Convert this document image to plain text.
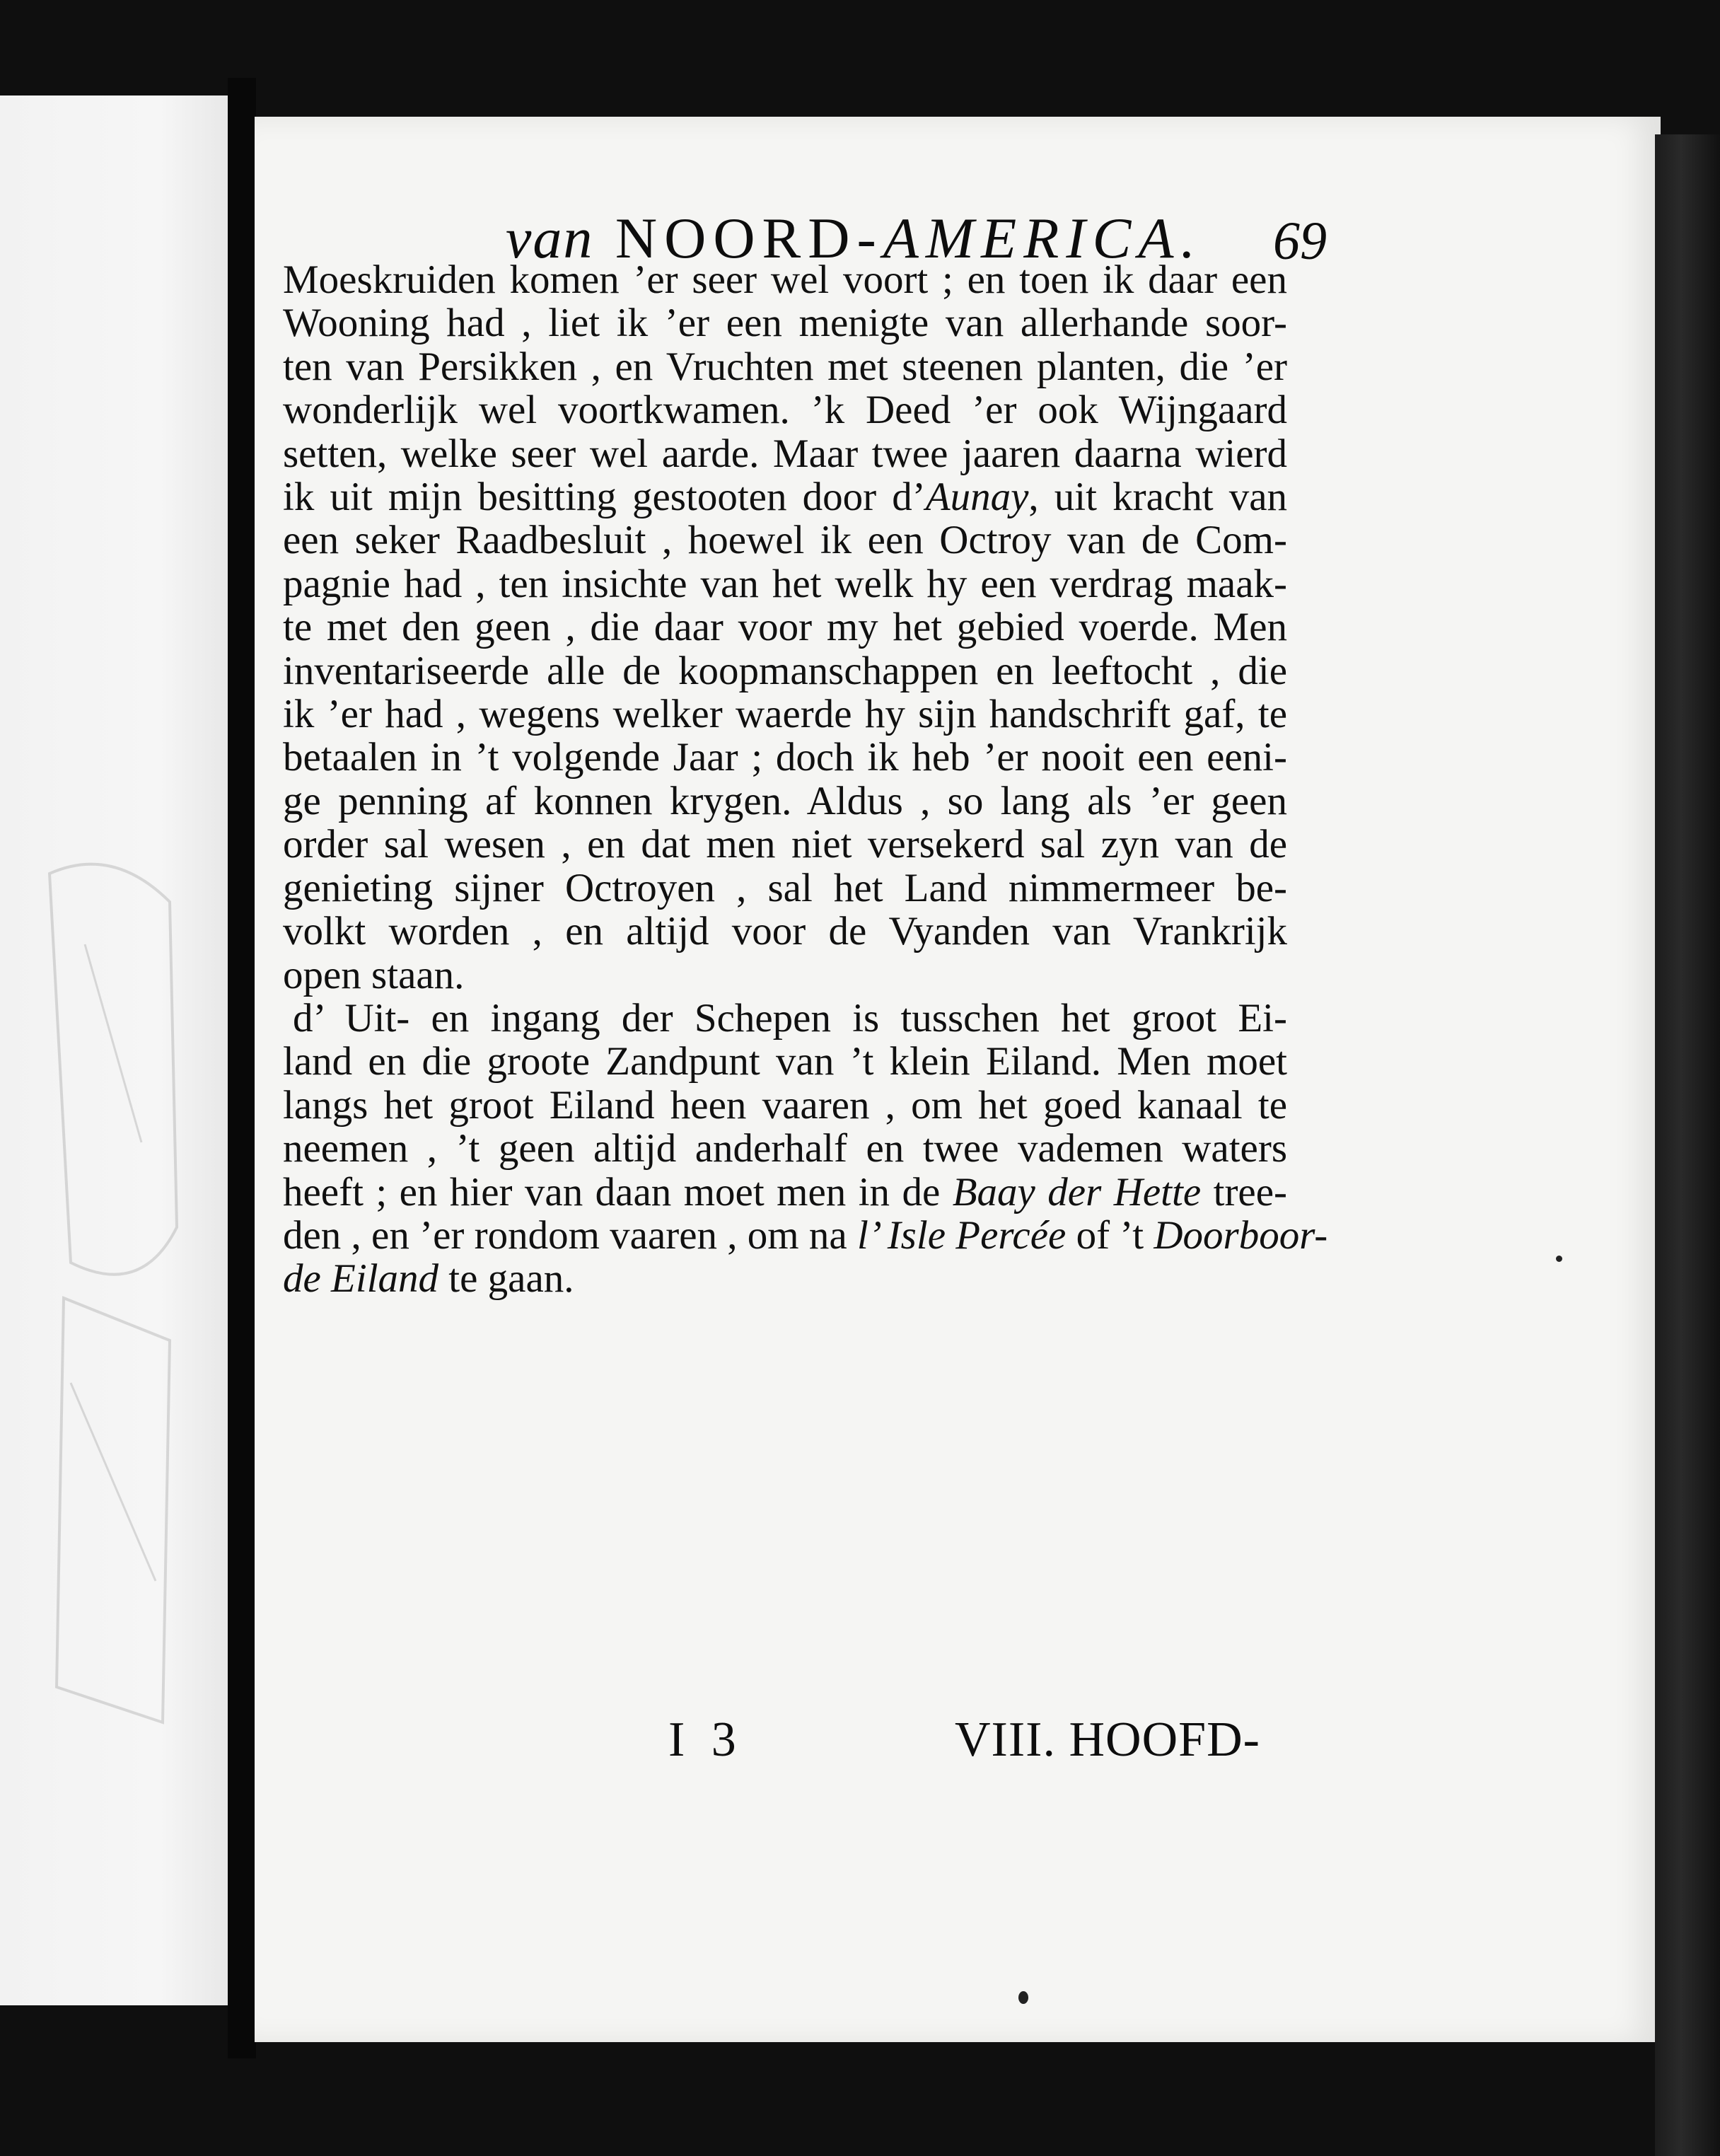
van NOORD-AMERICA. 69
Moeskruiden komen ’er seer wel voort ; en toen ik daar een
Wooning had , liet ik ’er een menigte van allerhande soor-
ten van Persikken , en Vruchten met steenen planten, die ’er
wonderlijk wel voortkwamen. ’k Deed ’er ook Wijngaard
setten, welke seer wel aarde. Maar twee jaaren daarna wierd
ik uit mijn besitting gestooten door d’Aunay, uit kracht van
een seker Raadbesluit , hoewel ik een Octroy van de Com-
pagnie had , ten insichte van het welk hy een verdrag maak-
te met den geen , die daar voor my het gebied voerde. Men
inventariseerde alle de koopmanschappen en leeftocht , die
ik ’er had , wegens welker waerde hy sijn handschrift gaf, te
betaalen in ’t volgende Jaar ; doch ik heb ’er nooit een eeni-
ge penning af konnen krygen. Aldus , so lang als ’er geen
order sal wesen , en dat men niet versekerd sal zyn van de
genieting sijner Octroyen , sal het Land nimmermeer be-
volkt worden , en altijd voor de Vyanden van Vrankrijk
open staan.
d’ Uit- en ingang der Schepen is tusschen het groot Ei-
land en die groote Zandpunt van ’t klein Eiland. Men moet
langs het groot Eiland heen vaaren , om het goed kanaal te
neemen , ’t geen altijd anderhalf en twee vademen waters
heeft ; en hier van daan moet men in de Baay der Hette tree-
den , en ’er rondom vaaren , om na l’ Isle Percée of ’t Doorboor-
de Eiland te gaan.
I 3	VIII. HOOFD-
